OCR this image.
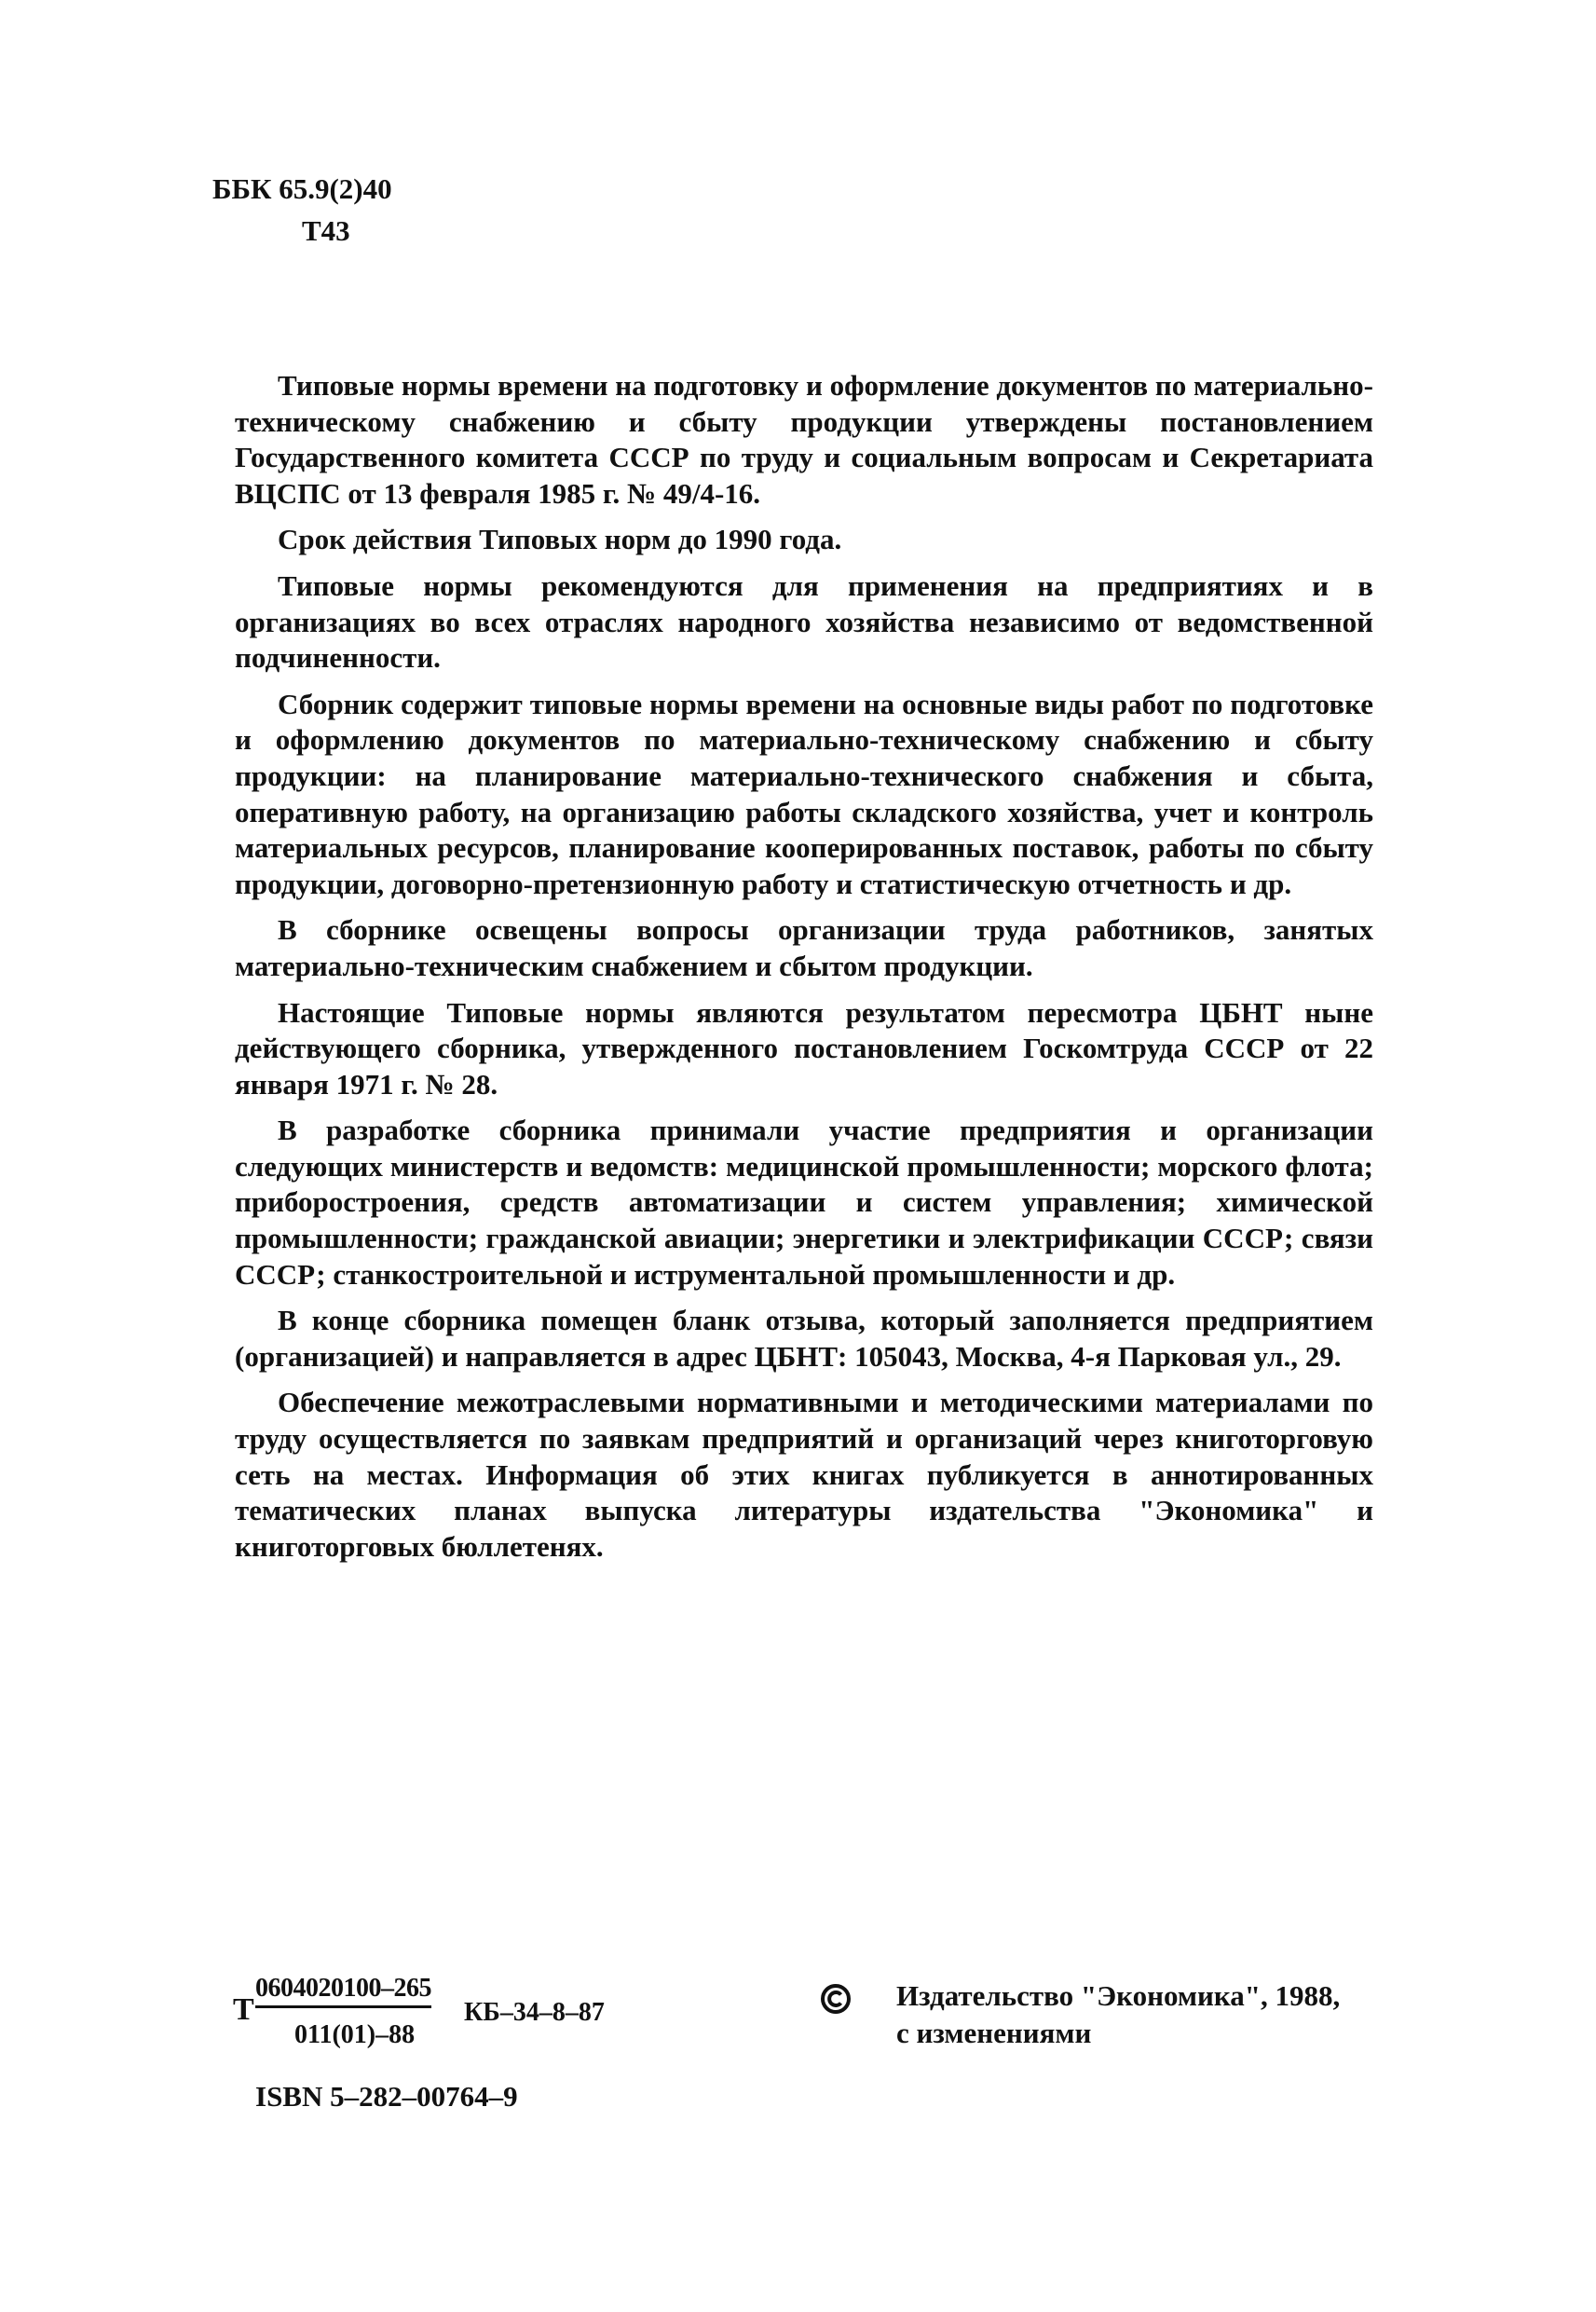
ББК 65.9(2)40
Т43

Типовые нормы времени на подготовку и оформление документов по материально-техническому снабжению и сбыту продукции утверждены постановлением Государственного комитета СССР по труду и социальным вопросам и Секретариата ВЦСПС от 13 февраля 1985 г. № 49/4-16.

Срок действия Типовых норм до 1990 года.

Типовые нормы рекомендуются для применения на предприятиях и в организациях во всех отраслях народного хозяйства независимо от ведомственной подчиненности.

Сборник содержит типовые нормы времени на основные виды работ по подготовке и оформлению документов по материально-техническому снабжению и сбыту продукции: на планирование материально-технического снабжения и сбыта, оперативную работу, на организацию работы складского хозяйства, учет и контроль материальных ресурсов, планирование кооперированных поставок, работы по сбыту продукции, договорно-претензионную работу и статистическую отчетность и др.

В сборнике освещены вопросы организации труда работников, занятых материально-техническим снабжением и сбытом продукции.

Настоящие Типовые нормы являются результатом пересмотра ЦБНТ ныне действующего сборника, утвержденного постановлением Госкомтруда СССР от 22 января 1971 г. № 28.

В разработке сборника принимали участие предприятия и организации следующих министерств и ведомств: медицинской промышленности; морского флота; приборостроения, средств автоматизации и систем управления; химической промышленности; гражданской авиации; энергетики и электрификации СССР; связи СССР; станкостроительной и иструментальной промышленности и др.

В конце сборника помещен бланк отзыва, который заполняется предприятием (организацией) и направляется в адрес ЦБНТ: 105043, Москва, 4-я Парковая ул., 29.

Обеспечение межотраслевыми нормативными и методическими материалами по труду осуществляется по заявкам предприятий и организаций через книготорговую сеть на местах. Информация об этих книгах публикуется в аннотированных тематических планах выпуска литературы издательства "Экономика" и книготорговых бюллетенях.

Т
0604020100–265
011(01)–88
КБ–34–8–87
ISBN 5–282–00764–9
Издательство "Экономика", 1988,
с изменениями
